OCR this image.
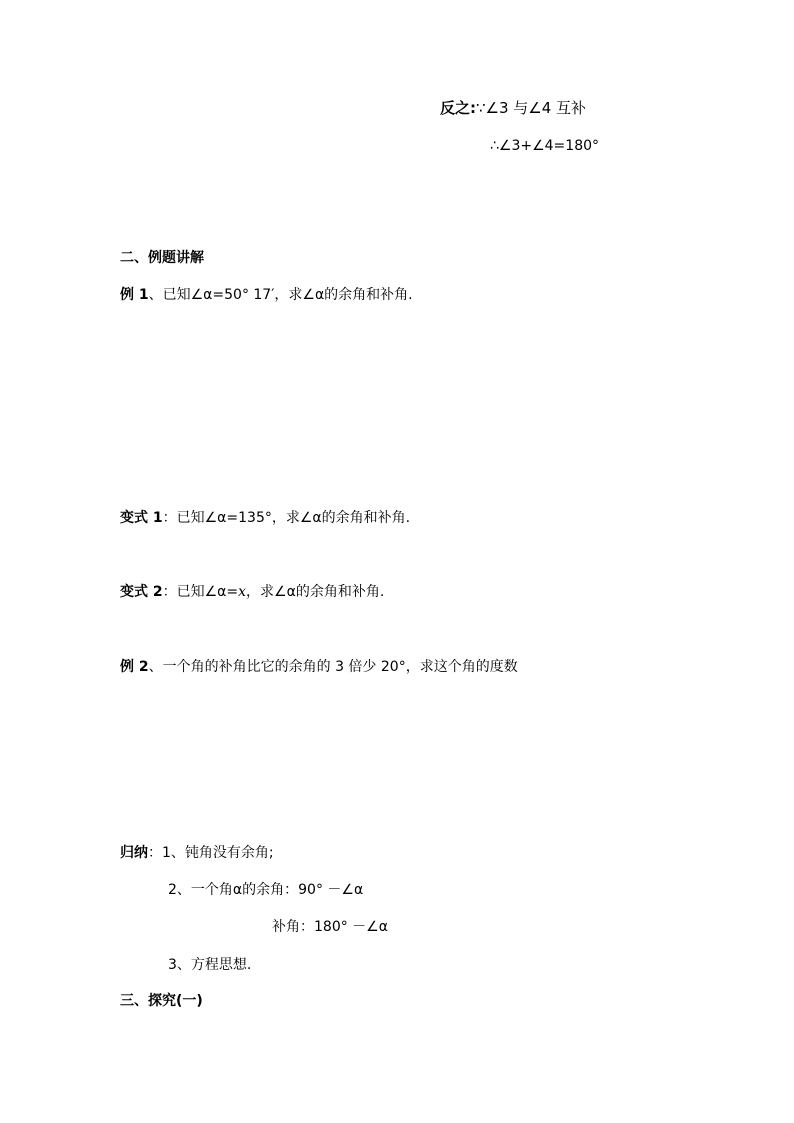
反之:∵∠3 与∠4 互补
∴∠3+∠4=180°
二、例题讲解
例 1、已知∠α=50° 17′，求∠α的余角和补角.
变式 1：已知∠α=135°，求∠α的余角和补角.
变式 2：已知∠α=x，求∠α的余角和补角.
例 2、一个角的补角比它的余角的 3 倍少 20°，求这个角的度数
归纳：1、钝角没有余角;
2、一个角α的余角：90° －∠α
补角：180° －∠α
3、方程思想.
三、探究(一)
